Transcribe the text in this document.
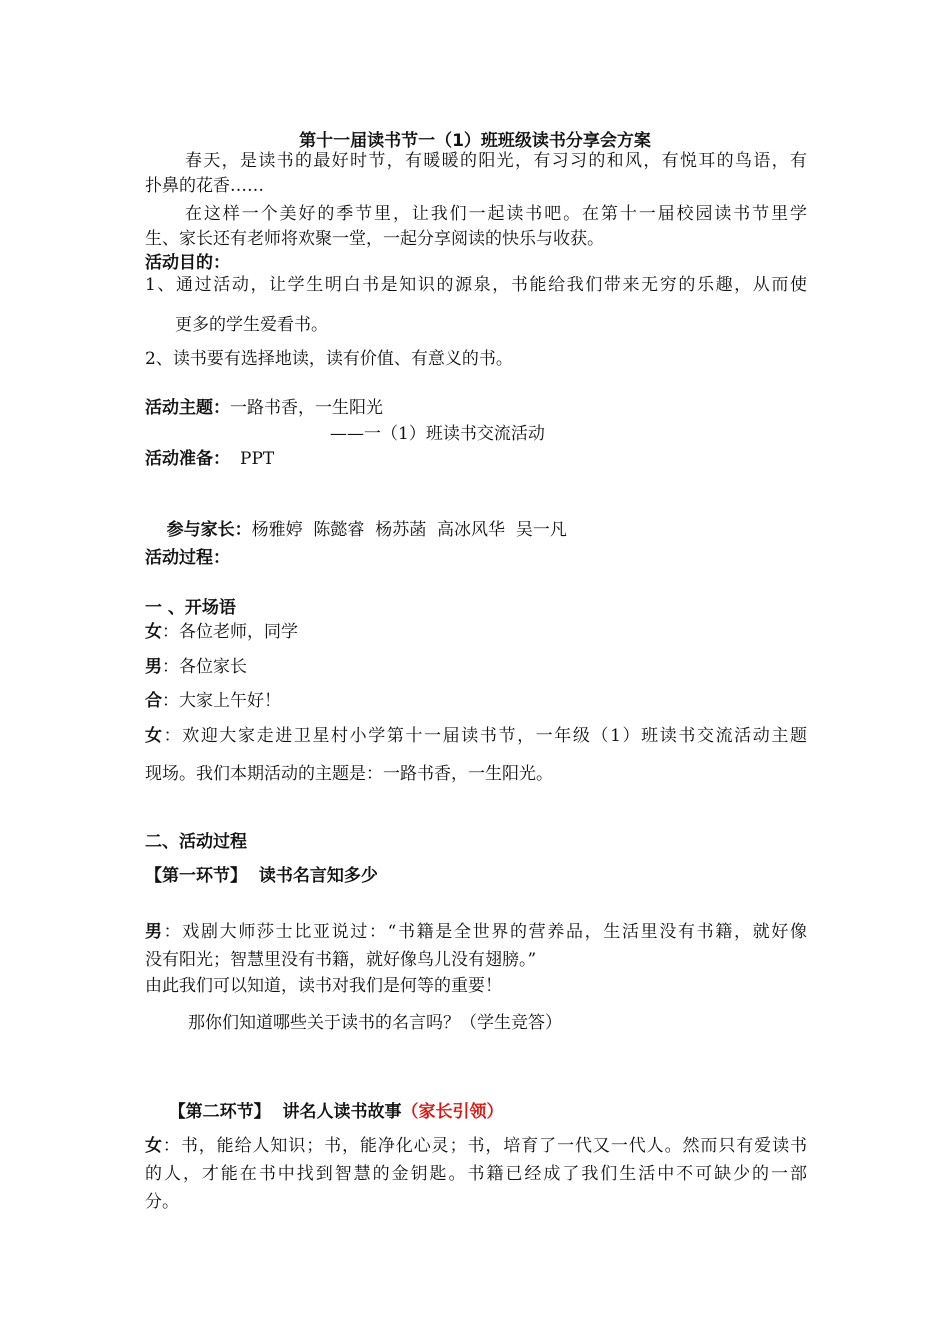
第十一届读书节一（1）班班级读书分享会方案
春天，是读书的最好时节，有暖暖的阳光，有习习的和风，有悦耳的鸟语，有
扑鼻的花香……
在这样一个美好的季节里，让我们一起读书吧。在第十一届校园读书节里学
生、家长还有老师将欢聚一堂，一起分享阅读的快乐与收获。
活动目的：
1、通过活动，让学生明白书是知识的源泉，书能给我们带来无穷的乐趣，从而使
更多的学生爱看书。
2、读书要有选择地读，读有价值、有意义的书。
活动主题：一路书香，一生阳光
——一（1）班读书交流活动
活动准备： PPT

参与家长：杨雅婷  陈懿睿  杨苏菡  高冰风华  吴一凡

活动过程：
一 、开场语
女：各位老师，同学
男：各位家长
合：大家上午好！
女：欢迎大家走进卫星村小学第十一届读书节，一年级（1）班读书交流活动主题
现场。我们本期活动的主题是：一路书香，一生阳光。
二、活动过程
【第一环节】  读书名言知多少
男：戏剧大师莎士比亚说过：“书籍是全世界的营养品，生活里没有书籍，就好像
没有阳光；智慧里没有书籍，就好像鸟儿没有翅膀。”
由此我们可以知道，读书对我们是何等的重要！
那你们知道哪些关于读书的名言吗？（学生竞答）

【第二环节】  讲名人读书故事（家长引领）

女：书，能给人知识；书，能净化心灵；书，培育了一代又一代人。然而只有爱读书
的人，才能在书中找到智慧的金钥匙。书籍已经成了我们生活中不可缺少的一部
分。
